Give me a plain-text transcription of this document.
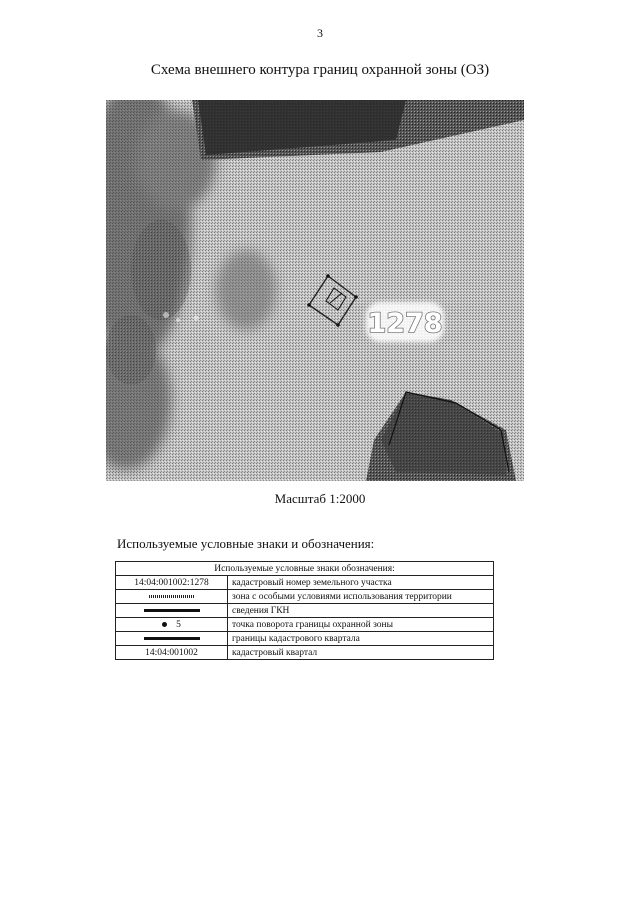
3
Схема внешнего контура границ охранной зоны (ОЗ)
1278
Масштаб 1:2000
Используемые условные знаки и обозначения:
Используемые условные знаки обозначения:	
14:04:001002:1278	кадастровый номер земельного участка
	зона с особыми условиями использования территории
	сведения ГКН
5	точка поворота границы охранной зоны
	границы кадастрового квартала
14:04:001002	кадастровый квартал
